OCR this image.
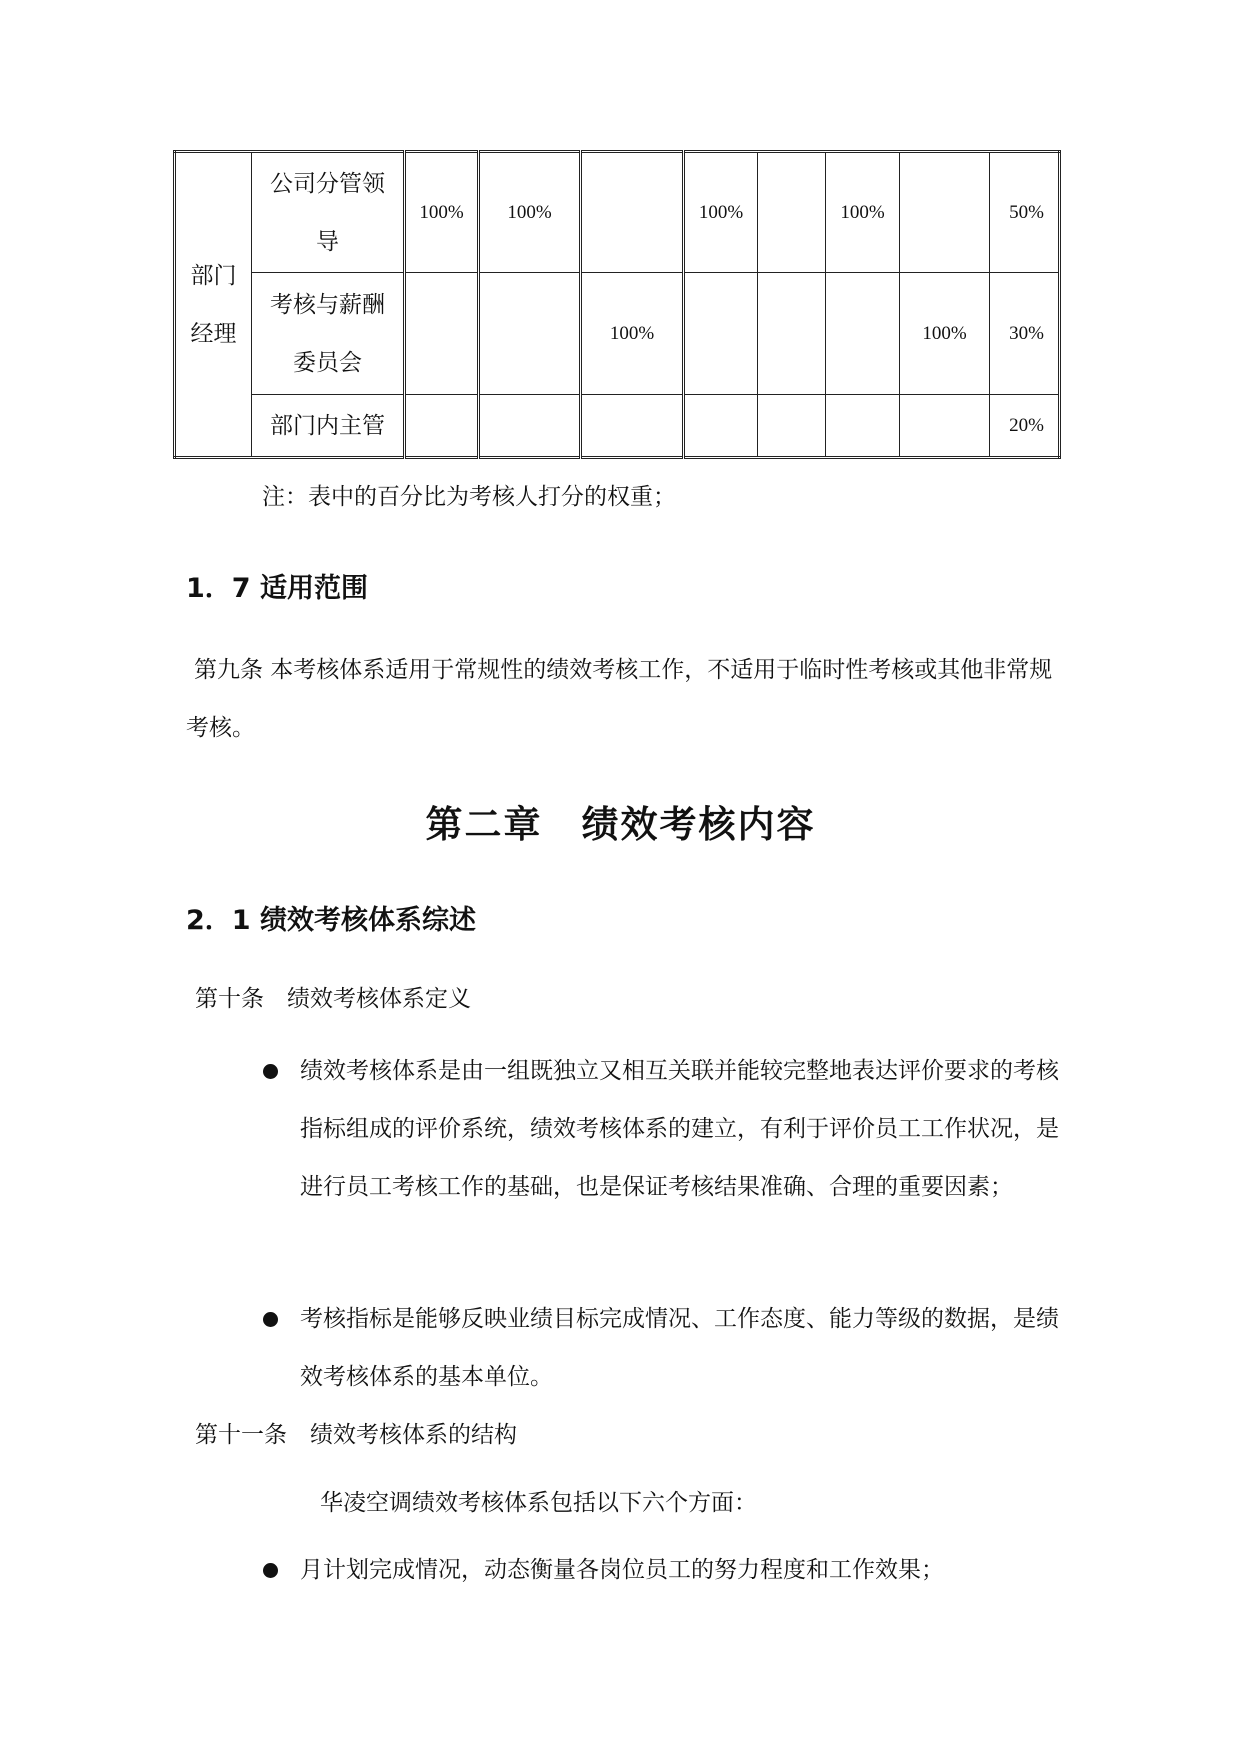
部门经理	公司分管领导	100%	100%		100%		100%		50%

	考核与薪酬委员会			100%				100%	30%
	部门内主管								20%
注：表中的百分比为考核人打分的权重；
1．7 适用范围
第九条 本考核体系适用于常规性的绩效考核工作，不适用于临时性考核或其他非常规考核。
第二章　绩效考核内容
2．1 绩效考核体系综述
第十条　绩效考核体系定义
绩效考核体系是由一组既独立又相互关联并能较完整地表达评价要求的考核指标组成的评价系统，绩效考核体系的建立，有利于评价员工工作状况，是进行员工考核工作的基础，也是保证考核结果准确、合理的重要因素；
考核指标是能够反映业绩目标完成情况、工作态度、能力等级的数据，是绩效考核体系的基本单位。
第十一条　绩效考核体系的结构
华凌空调绩效考核体系包括以下六个方面：
月计划完成情况，动态衡量各岗位员工的努力程度和工作效果；
